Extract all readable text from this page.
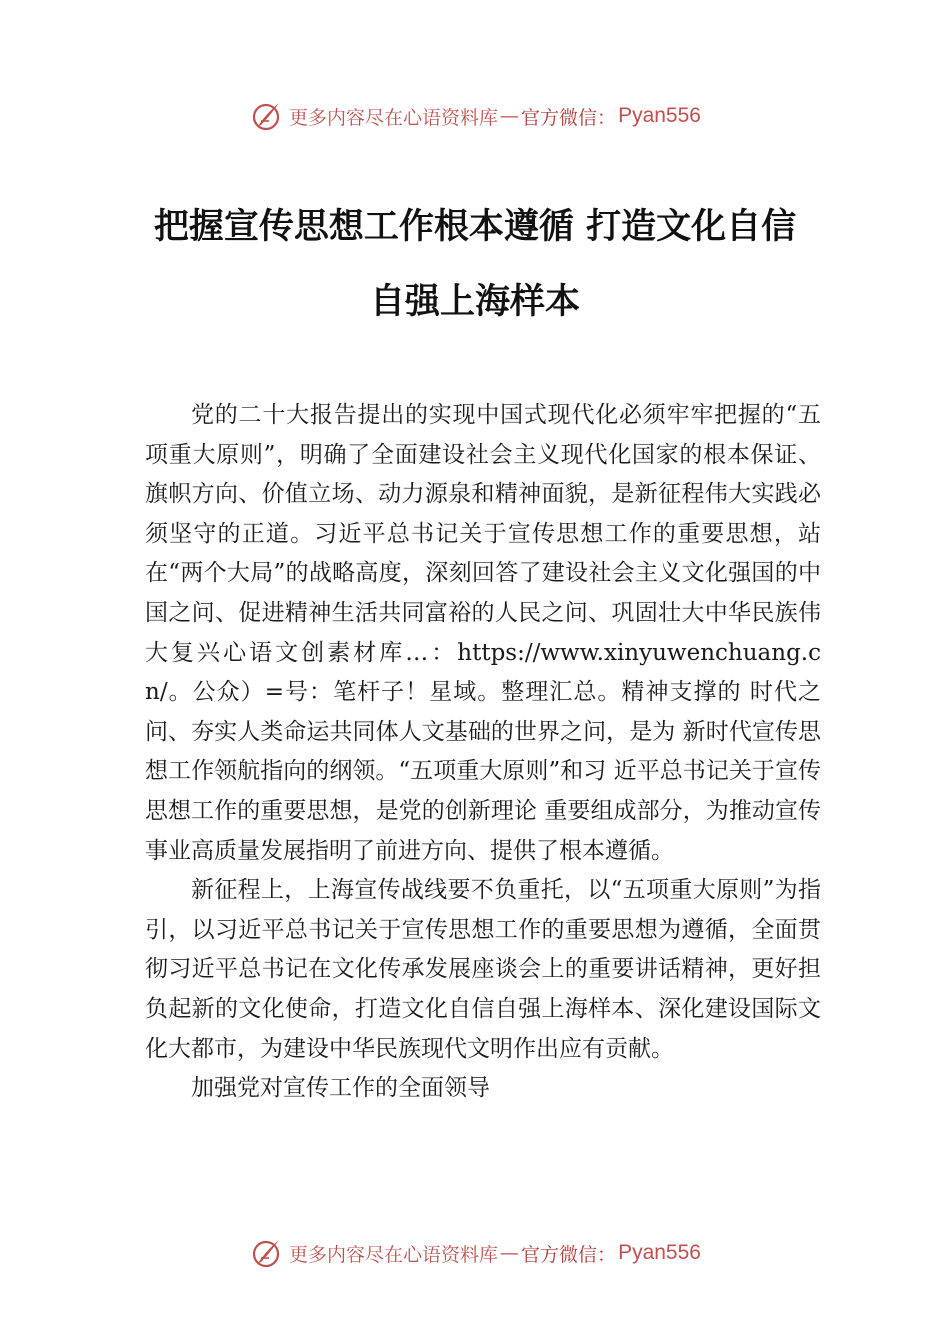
更多内容尽在心语资料库 — 官方微信： Pyan556
把握宣传思想工作根本遵循 打造文化自信
自强上海样本

党的二十大报告提出的实现中国式现代化必须牢牢把握的“五项重大原则”，明确了全面建设社会主义现代化国家的根本保证、旗帜方向、价值立场、动力源泉和精神面貌，是新征程伟大实践必须坚守的正道。习近平总书记关于宣传思想工作的重要思想，站在“两个大局”的战略高度，深刻回答了建设社会主义文化强国的中国之问、促进精神生活共同富裕的人民之问、巩固壮大中华民族伟大复兴心语文创素材库…：https://www.xinyuwenchuang.cn/。公众）=号：笔杆子！星域。整理汇总。精神支撑的 时代之问、夯实人类命运共同体人文基础的世界之问，是为 新时代宣传思想工作领航指向的纲领。“五项重大原则”和习 近平总书记关于宣传思想工作的重要思想，是党的创新理论 重要组成部分，为推动宣传事业高质量发展指明了前进方向、提供了根本遵循。

新征程上，上海宣传战线要不负重托，以“五项重大原则”为指引，以习近平总书记关于宣传思想工作的重要思想为遵循，全面贯彻习近平总书记在文化传承发展座谈会上的重要讲话精神，更好担负起新的文化使命，打造文化自信自强上海样本、深化建设国际文化大都市，为建设中华民族现代文明作出应有贡献。

加强党对宣传工作的全面领导

更多内容尽在心语资料库 — 官方微信： Pyan556
